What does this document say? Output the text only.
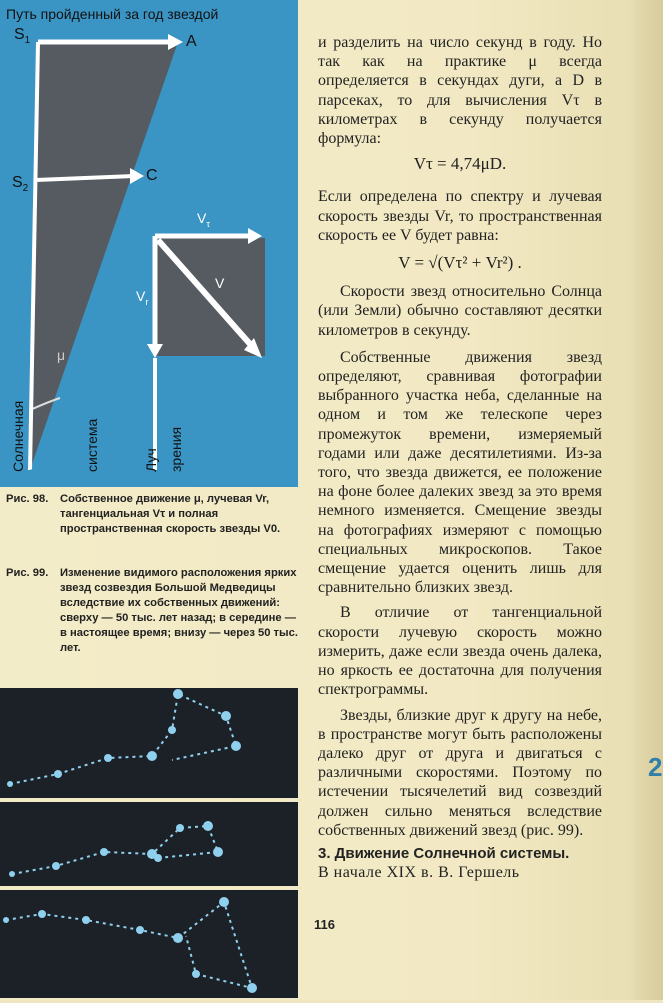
2
Путь пройденный за год звездой
$S_1$	A
$S_2$
C
$V_\tau$
$V_r$
V
μ
Солнечная	система	Луч зрения
Рис. 98. Собственное движение μ, лучевая Vr, тангенциальная Vτ и полная пространственная скорость звезды V0.
Рис. 99. Изменение видимого расположения ярких звезд созвездия Большой Медведицы вследствие их собственных движений: сверху — 50 тыс. лет назад; в середине — в настоящее время; внизу — через 50 тыс. лет.

и разделить на число секунд в году. Но так как на практике μ всегда определяется в секундах дуги, а D в парсеках, то для вычисления Vτ в километрах в секунду получается формула:

Vτ = 4,74μD.

Если определена по спектру и лучевая скорость звезды Vr, то пространственная скорость ее V будет равна:

V = √(Vτ² + Vr²) .

Скорости звезд относительно Солнца (или Земли) обычно составляют десятки километров в секунду.

Собственные движения звезд определяют, сравнивая фотографии выбранного участка неба, сделанные на одном и том же телескопе через промежуток времени, измеряемый годами или даже десятилетиями. Из-за того, что звезда движется, ее положение на фоне более далеких звезд за это время немного изменяется. Смещение звезды на фотографиях измеряют с помощью специальных микроскопов. Такое смещение удается оценить лишь для сравнительно близких звезд.

В отличие от тангенциальной скорости лучевую скорость можно измерить, даже если звезда очень далека, но яркость ее достаточна для получения спектрограммы.

Звезды, близкие друг к другу на небе, в пространстве могут быть расположены далеко друг от друга и двигаться с различными скоростями. Поэтому по истечении тысячелетий вид созвездий должен сильно меняться вследствие собственных движений звезд (рис. 99).

3. Движение Солнечной системы.

В начале XIX в. В. Гершель

116
